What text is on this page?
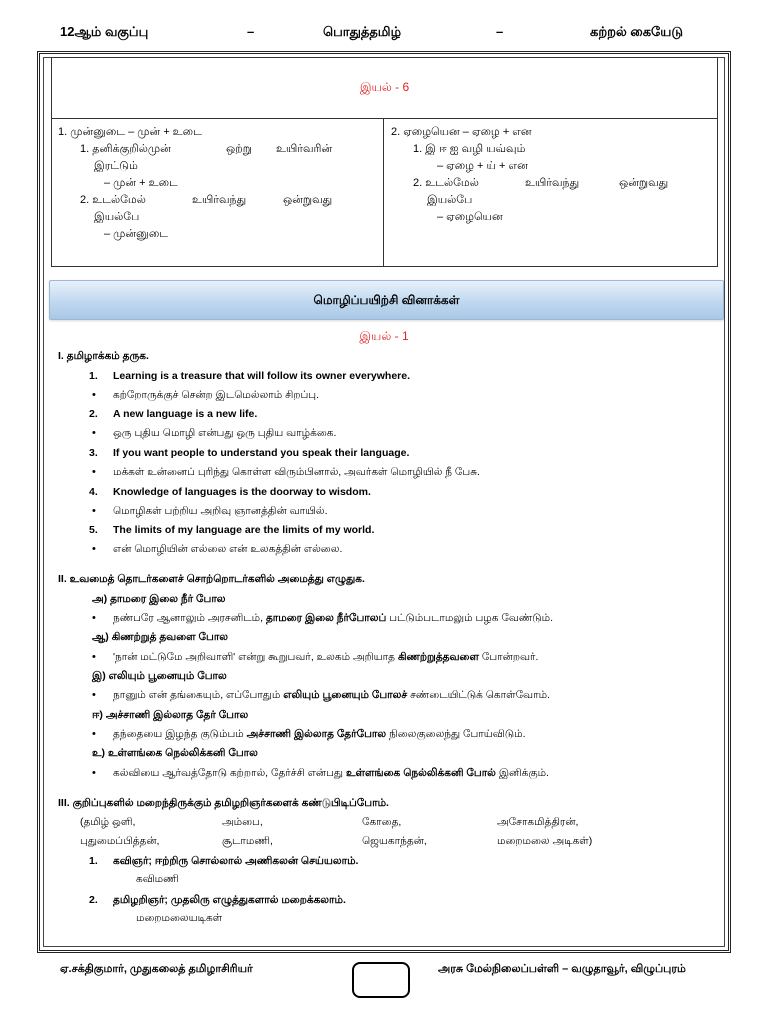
12ஆம் வகுப்பு	–	பொதுத்தமிழ்	–	கற்றல் கையேடு
இயல் - 6
1. முன்னுடை – முன் + உடை
1. தனிக்குறில்முன்	ஒற்று உயிர்வரின்
இரட்டும்
– முன் + உடை
2. உடல்மேல்	உயிர்வந்து	ஒன்றுவது
இயல்பே
– முன்னுடை
2. ஏழையென – ஏழை + என
1. இ ஈ ஐ வழி யவ்வும்
– ஏழை + ய் + என
2. உடல்மேல்	உயிர்வந்து	ஒன்றுவது
இயல்பே
– ஏழையென
மொழிப்பயிற்சி வினாக்கள்
இயல் - 1
I. தமிழாக்கம் தருக.
1. Learning is a treasure that will follow its owner everywhere.
• கற்றோருக்குச் சென்ற இடமெல்லாம் சிறப்பு.
2. A new language is a new life.
• ஒரு புதிய மொழி என்பது ஒரு புதிய வாழ்க்கை.
3. If you want people to understand you speak their language.
• மக்கள் உன்னைப் புரிந்து கொள்ள விரும்பினால், அவர்கள் மொழியில் நீ பேசு.
4. Knowledge of languages is the doorway to wisdom.
• மொழிகள் பற்றிய அறிவு ஞானத்தின் வாயில்.
5. The limits of my language are the limits of my world.
• என் மொழியின் எல்லை என் உலகத்தின் எல்லை.
II. உவமைத் தொடர்களைச் சொற்றொடர்களில் அமைத்து எழுதுக.
அ) தாமரை இலை நீர் போல
• நண்பரே ஆனாலும் அரசனிடம், தாமரை இலை நீர்போலப் பட்டும்படாமலும் பழக வேண்டும்.
ஆ) கிணற்றுத் தவளை போல
• 'நான் மட்டுமே அறிவாளி' என்று கூறுபவர், உலகம் அறியாத கிணற்றுத்தவளை போன்றவர்.
இ) எலியும் பூனையும் போல
• நானும் என் தங்கையும், எப்போதும் எலியும் பூனையும் போலச் சண்டையிட்டுக் கொள்வோம்.
ஈ) அச்சாணி இல்லாத தேர் போல
• தந்தையை இழந்த குடும்பம் அச்சாணி இல்லாத தேர்போல நிலைகுலைந்து போய்விடும்.
உ) உள்ளங்கை நெல்லிக்கனி போல
• கல்வியை ஆர்வத்தோடு கற்றால், தேர்ச்சி என்பது உள்ளங்கை நெல்லிக்கனி போல் இனிக்கும்.
III. குறிப்புகளில் மறைந்திருக்கும் தமிழறிஞர்களைக் கண்டுபிடிப்போம்.
(தமிழ் ஒளி,	அம்பை,	கோதை,	அசோகமித்திரன்,
புதுமைப்பித்தன்,	சூடாமணி,	ஜெயகாந்தன்,	மறைமலை அடிகள்)
1. கவிஞர்; ஈற்றிரு சொல்லால் அணிகலன் செய்யலாம்.
கவிமணி
2. தமிழறிஞர்; முதலிரு எழுத்துகளால் மறைக்கலாம்.
மறைமலையடிகள்
ஏ.சக்திகுமார், முதுகலைத் தமிழாசிரியர்	அரசு மேல்நிலைப்பள்ளி – வழுதாவூர், விழுப்புரம்
